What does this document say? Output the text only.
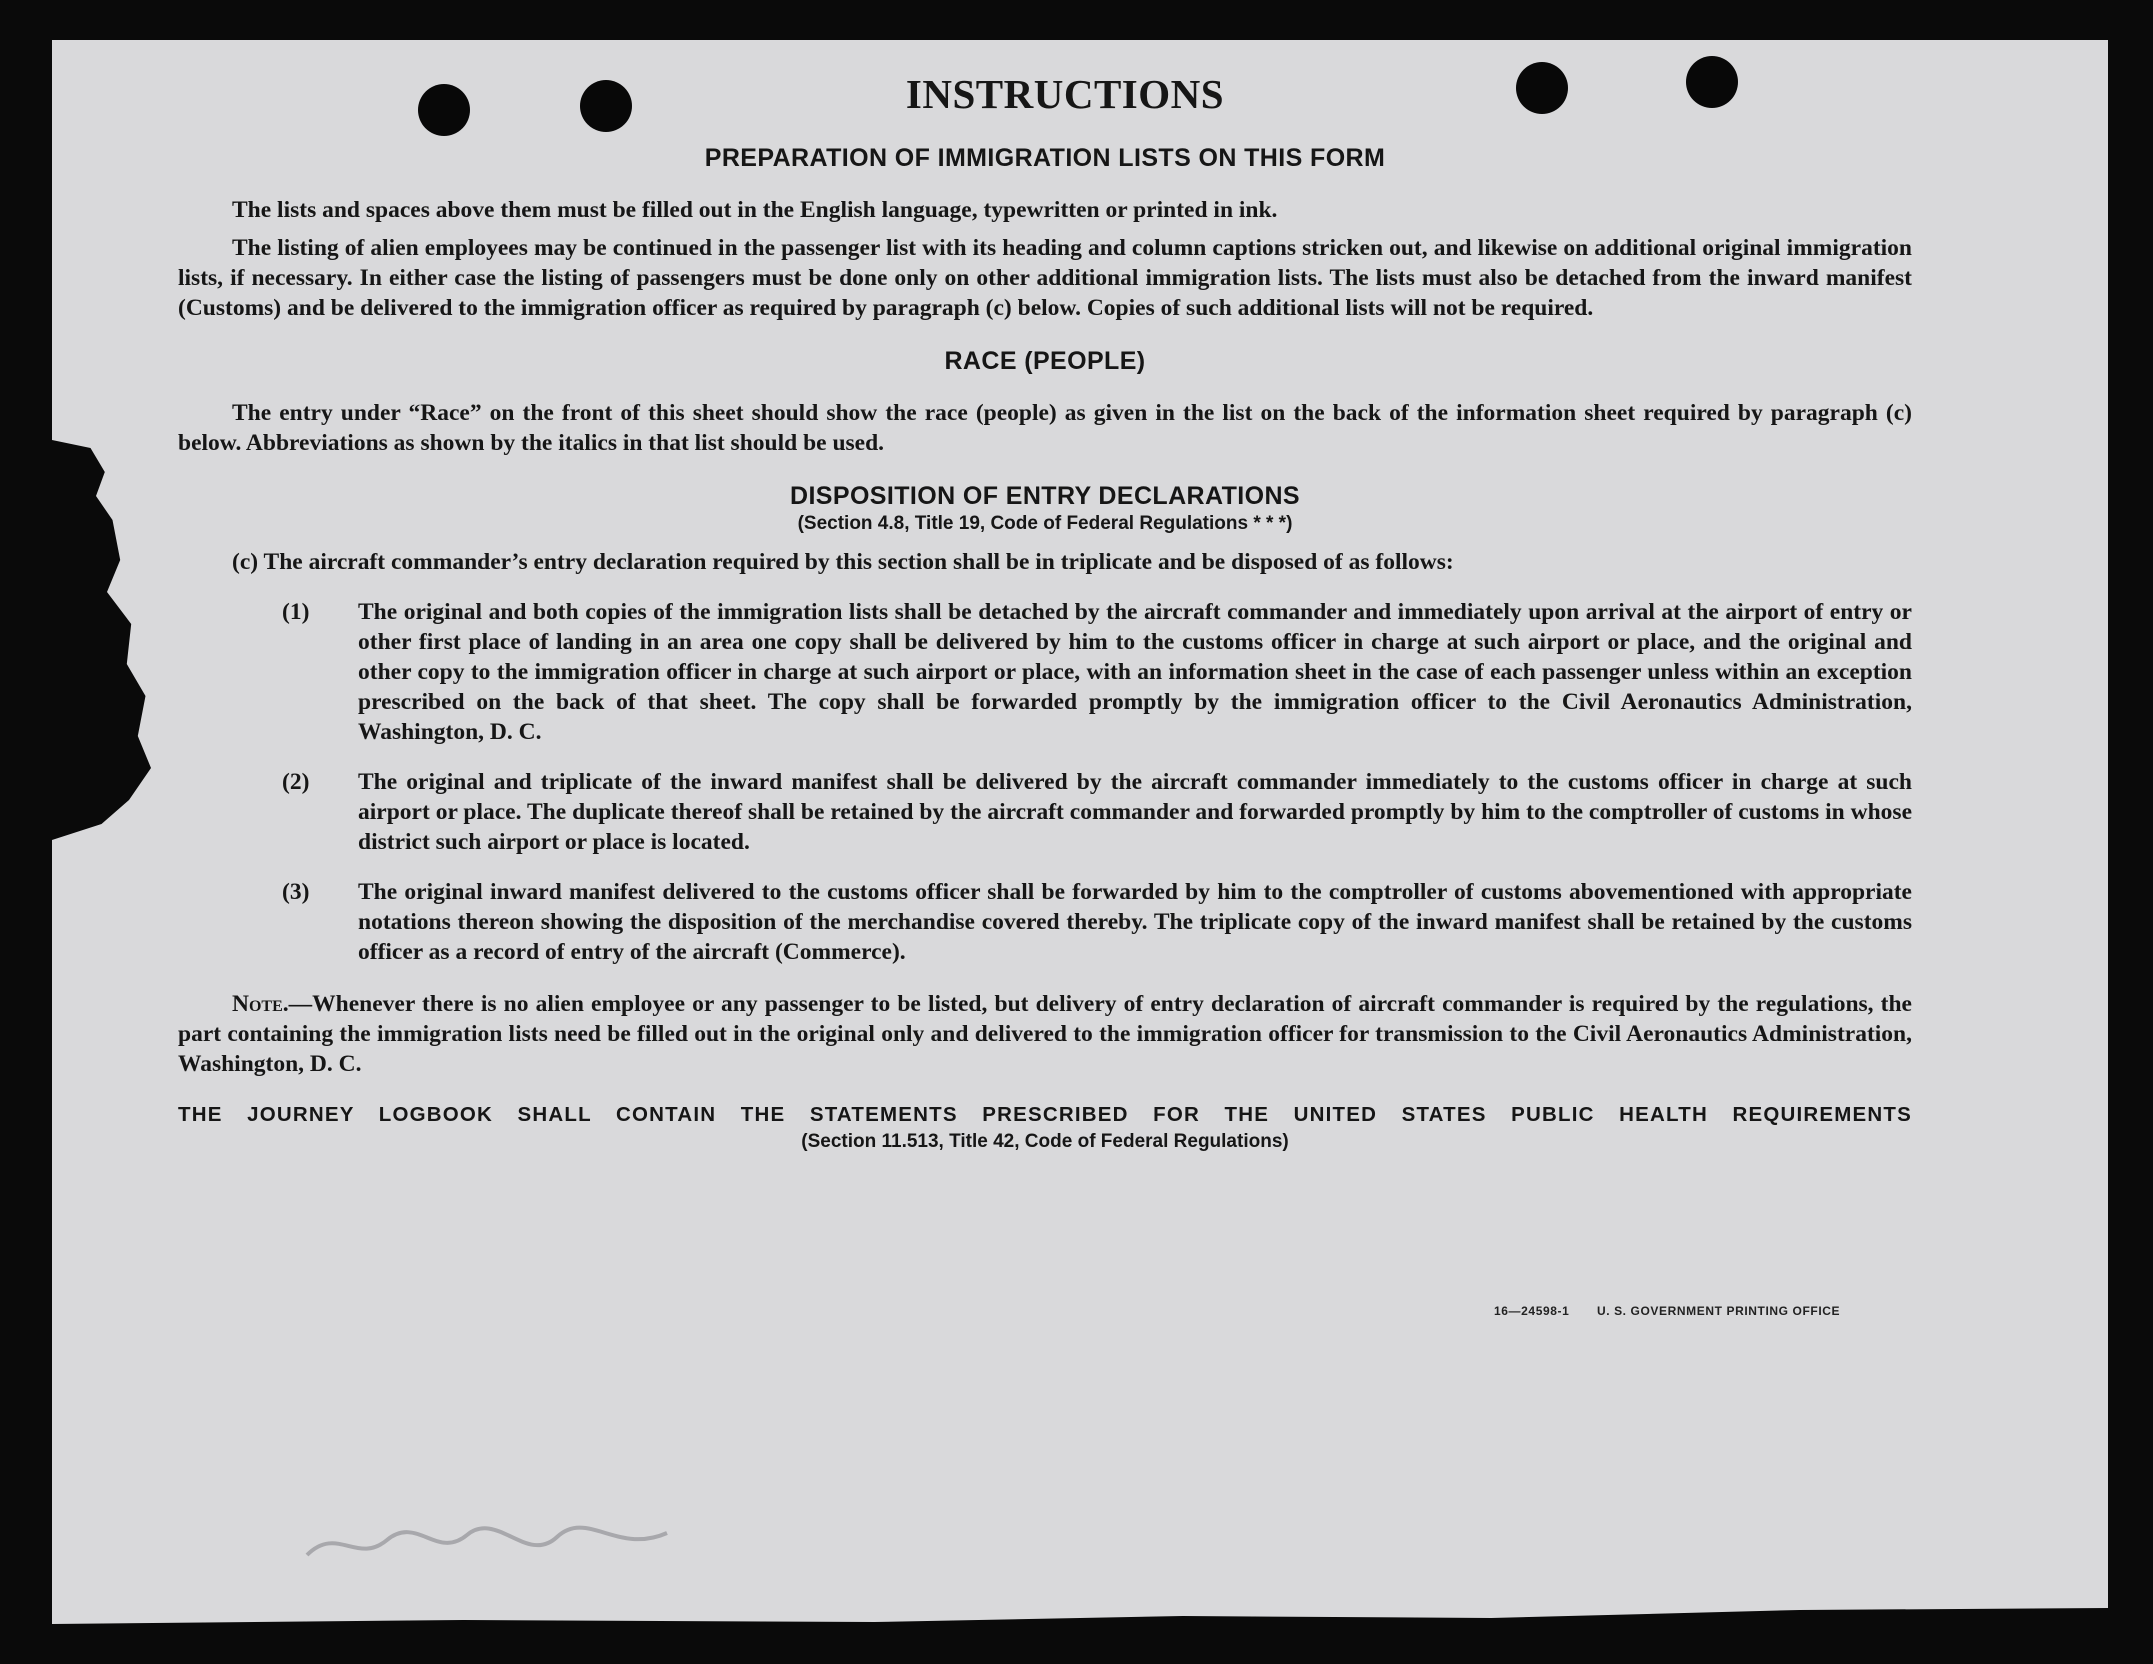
INSTRUCTIONS
PREPARATION OF IMMIGRATION LISTS ON THIS FORM

The lists and spaces above them must be filled out in the English language, typewritten or printed in ink.

The listing of alien employees may be continued in the passenger list with its heading and column captions stricken out, and likewise on additional original immigration lists, if necessary. In either case the listing of passengers must be done only on other additional immigration lists. The lists must also be detached from the inward manifest (Customs) and be delivered to the immigration officer as required by paragraph (c) below. Copies of such additional lists will not be required.

RACE (PEOPLE)

The entry under “Race” on the front of this sheet should show the race (people) as given in the list on the back of the information sheet required by paragraph (c) below. Abbreviations as shown by the italics in that list should be used.

DISPOSITION OF ENTRY DECLARATIONS
(Section 4.8, Title 19, Code of Federal Regulations * * *)

(c) The aircraft commander’s entry declaration required by this section shall be in triplicate and be disposed of as follows:

(1) The original and both copies of the immigration lists shall be detached by the aircraft commander and immediately upon arrival at the airport of entry or other first place of landing in an area one copy shall be delivered by him to the customs officer in charge at such airport or place, and the original and other copy to the immigration officer in charge at such airport or place, with an information sheet in the case of each passenger unless within an exception prescribed on the back of that sheet. The copy shall be forwarded promptly by the immigration officer to the Civil Aeronautics Administration, Washington, D. C.
(2) The original and triplicate of the inward manifest shall be delivered by the aircraft commander immediately to the customs officer in charge at such airport or place. The duplicate thereof shall be retained by the aircraft commander and forwarded promptly by him to the comptroller of customs in whose district such airport or place is located.
(3) The original inward manifest delivered to the customs officer shall be forwarded by him to the comptroller of customs abovementioned with appropriate notations thereon showing the disposition of the merchandise covered thereby. The triplicate copy of the inward manifest shall be retained by the customs officer as a record of entry of the aircraft (Commerce).

Note.—Whenever there is no alien employee or any passenger to be listed, but delivery of entry declaration of aircraft commander is required by the regulations, the part containing the immigration lists need be filled out in the original only and delivered to the immigration officer for transmission to the Civil Aeronautics Administration, Washington, D. C.

THE JOURNEY LOGBOOK SHALL CONTAIN THE STATEMENTS PRESCRIBED FOR THE UNITED STATES PUBLIC HEALTH REQUIREMENTS
(Section 11.513, Title 42, Code of Federal Regulations)
16—24598-1 U. S. GOVERNMENT PRINTING OFFICE
